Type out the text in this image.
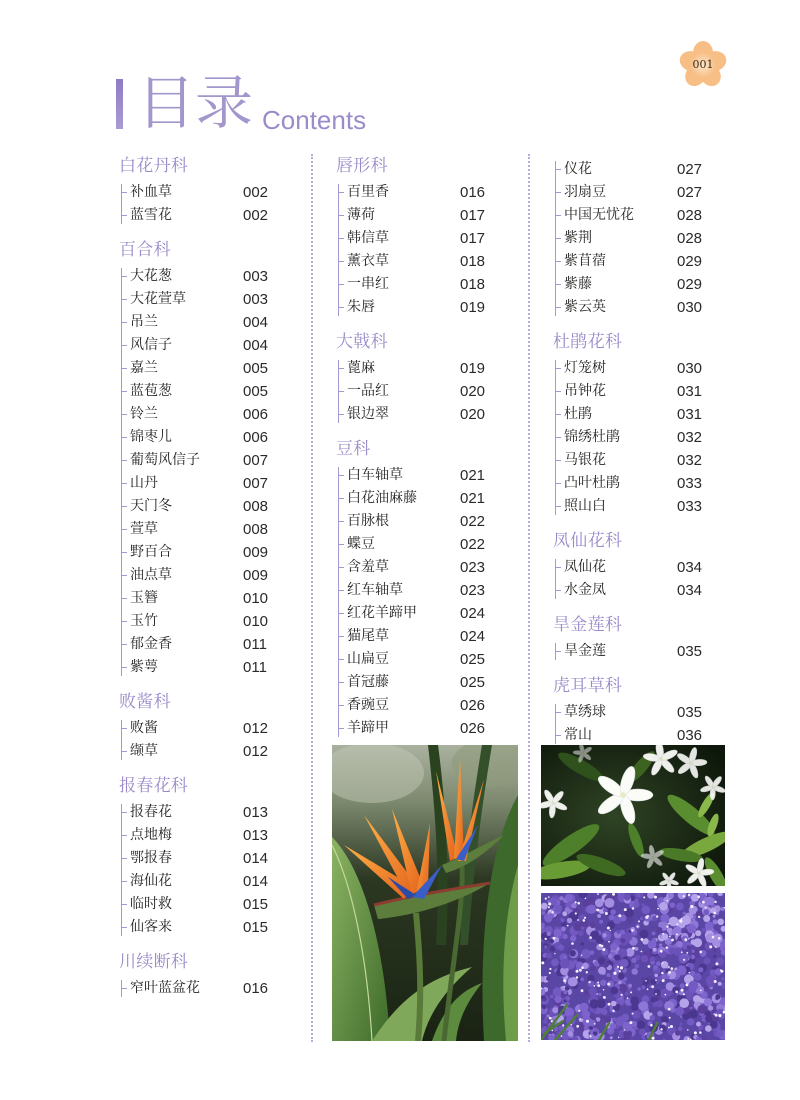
001
目录 Contents
白花丹科
补血草	002
蓝雪花	002
百合科
大花葱	003
大花萱草	003
吊兰	004
风信子	004
嘉兰	005
蓝苞葱	005
铃兰	006
锦枣儿	006
葡萄风信子	007
山丹	007
天门冬	008
萱草	008
野百合	009
油点草	009
玉簪	010
玉竹	010
郁金香	011
紫萼	011
败酱科
败酱	012
缬草	012
报春花科
报春花	013
点地梅	013
鄂报春	014
海仙花	014
临时救	015
仙客来	015
川续断科
窄叶蓝盆花	016
唇形科
百里香	016
薄荷	017
韩信草	017
薰衣草	018
一串红	018
朱唇	019
大戟科
蓖麻	019
一品红	020
银边翠	020
豆科
白车轴草	021
白花油麻藤	021
百脉根	022
蝶豆	022
含羞草	023
红车轴草	023
红花羊蹄甲	024
猫尾草	024
山扁豆	025
首冠藤	025
香豌豆	026
羊蹄甲	026
仪花	027
羽扇豆	027
中国无忧花	028
紫荆	028
紫苜蓿	029
紫藤	029
紫云英	030
杜鹃花科
灯笼树	030
吊钟花	031
杜鹃	031
锦绣杜鹃	032
马银花	032
凸叶杜鹃	033
照山白	033
凤仙花科
凤仙花	034
水金凤	034
旱金莲科
旱金莲	035
虎耳草科
草绣球	035
常山	036
